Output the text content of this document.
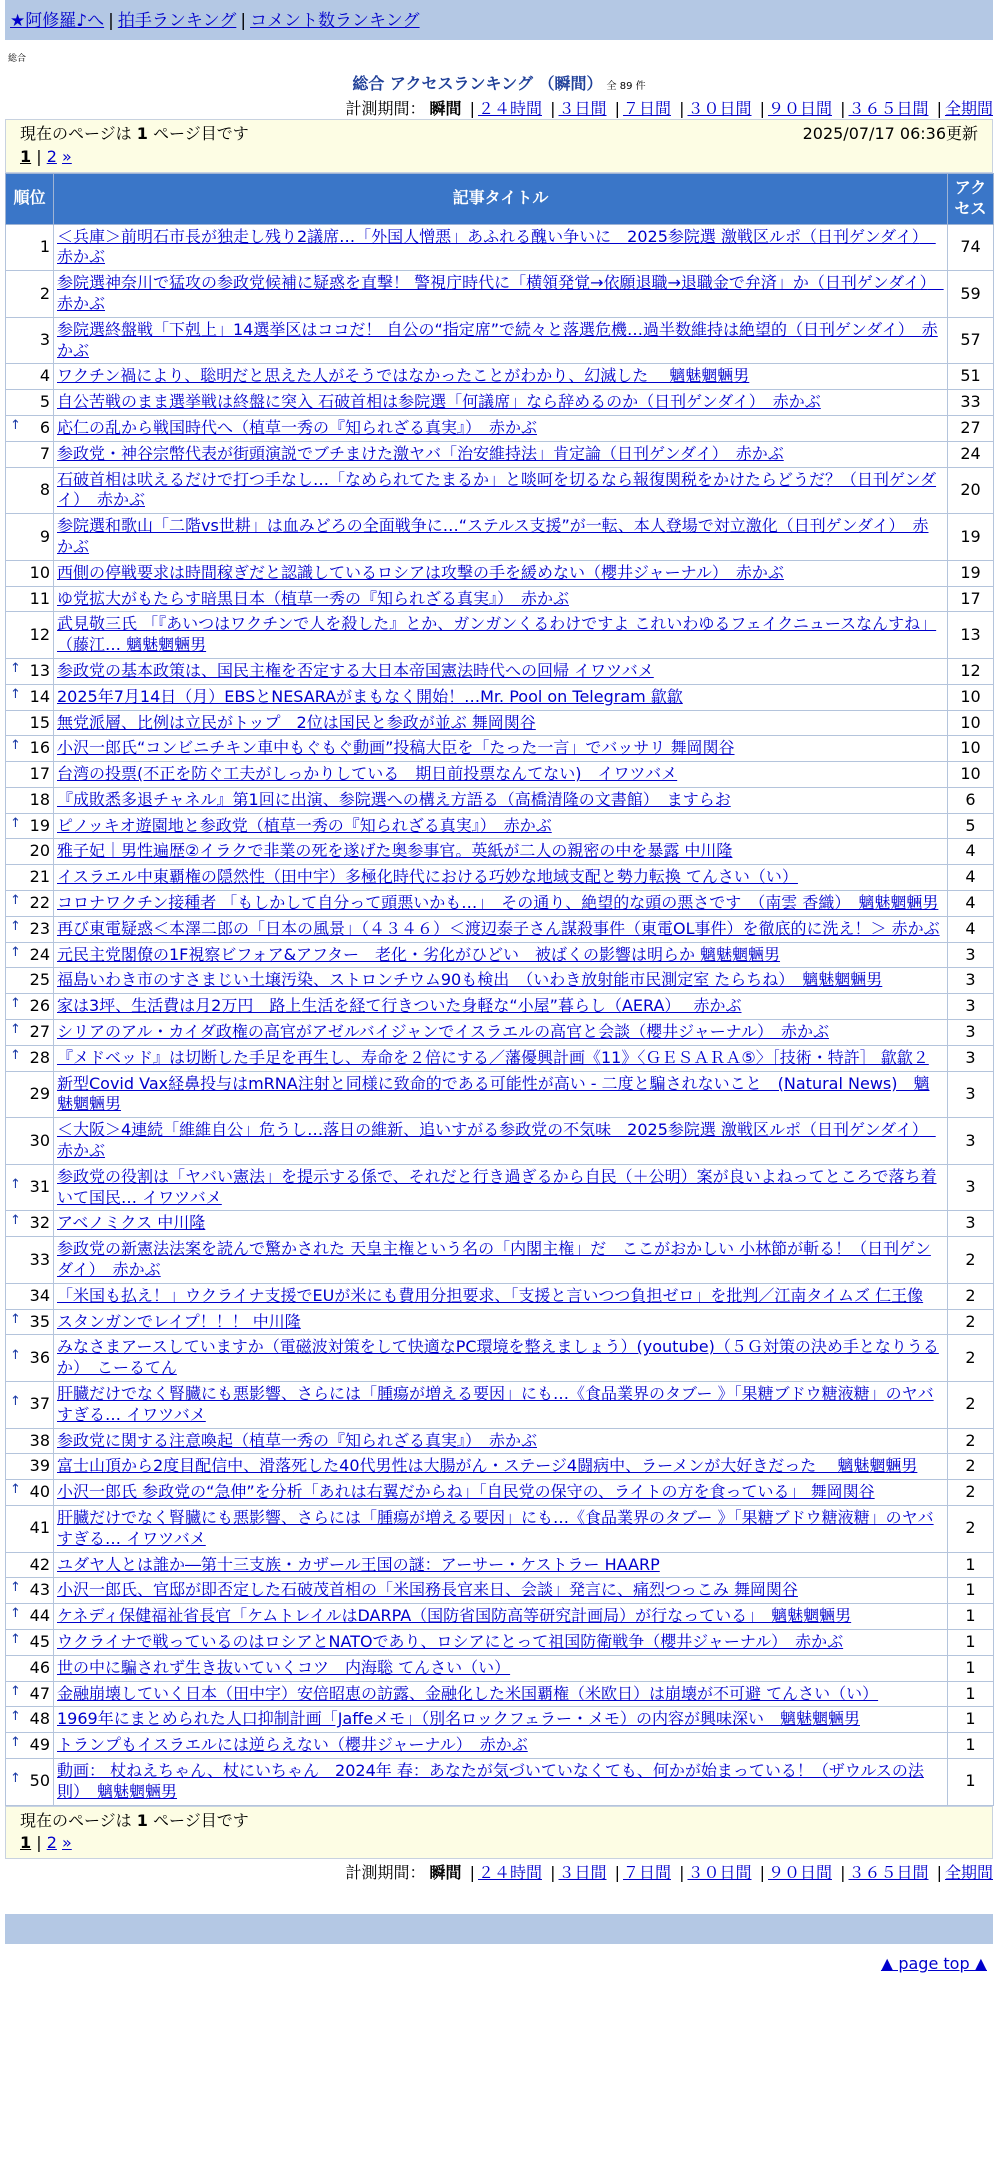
★阿修羅♪へ | 拍手ランキング | コメント数ランキング
総合
総合 アクセスランキング （瞬間） 全 89 件
計測期間： 瞬間 | ２４時間 | ３日間 | ７日間 | ３０日間 | ９０日間 | ３６５日間 | 全期間
現在のページは 1 ページ目です	2025/07/17 06:36更新
1 | 2 »
順位	記事タイトル	アクセス
1	＜兵庫＞前明石市長が独走し残り2議席…「外国人憎悪」あふれる醜い争いに　2025参院選 激戦区ルポ（日刊ゲンダイ）　赤かぶ	74
2	参院選神奈川で猛攻の参政党候補に疑惑を直撃！ 警視庁時代に「横領発覚→依願退職→退職金で弁済」か（日刊ゲンダイ）　赤かぶ	59
3	参院選終盤戦「下剋上」14選挙区はココだ！ 自公の“指定席”で続々と落選危機…過半数維持は絶望的（日刊ゲンダイ）　赤かぶ	57
4	ワクチン禍により、聡明だと思えた人がそうではなかったことがわかり、幻滅した　 魑魅魍魎男	51
5	自公苦戦のまま選挙戦は終盤に突入 石破首相は参院選「何議席」なら辞めるのか（日刊ゲンダイ）　赤かぶ	33

↑ 6	応仁の乱から戦国時代へ（植草一秀の『知られざる真実』）　赤かぶ	27
7	参政党・神谷宗幣代表が街頭演説でブチまけた激ヤバ「治安維持法」肯定論（日刊ゲンダイ）　赤かぶ	24
8	石破首相は吠えるだけで打つ手なし…「なめられてたまるか」と啖呵を切るなら報復関税をかけたらどうだ？（日刊ゲンダイ）　赤かぶ	20
9	参院選和歌山「二階vs世耕」は血みどろの全面戦争に…“ステルス支援”が一転、本人登場で対立激化（日刊ゲンダイ）　赤かぶ	19
10	西側の停戦要求は時間稼ぎだと認識しているロシアは攻撃の手を緩めない（櫻井ジャーナル）　赤かぶ	19
11	ゆ党拡大がもたらす暗黒日本（植草一秀の『知られざる真実』）　赤かぶ	17
12	武見敬三氏 「『あいつはワクチンで人を殺した』とか、ガンガンくるわけですよ これいわゆるフェイクニュースなんすね」 （藤江… 魑魅魍魎男	13

↑ 13	参政党の基本政策は、国民主権を否定する大日本帝国憲法時代への回帰 イワツバメ	12

↑ 14	2025年7月14日（月）EBSとNESARAがまもなく開始！…Mr. Pool on Telegram 歙歙	10
15	無党派層、比例は立民がトップ　2位は国民と参政が並ぶ 舞岡関谷	10

↑ 16	小沢一郎氏“コンビニチキン車中もぐもぐ動画”投稿大臣を「たった一言」でバッサリ 舞岡関谷	10
17	台湾の投票(不正を防ぐ工夫がしっかりしている　期日前投票なんてない)　イワツバメ	10
18	『成敗悉多退チャネル』第1回に出演、参院選への構え方語る（高橋清隆の文書館）　ますらお	6

↑ 19	ピノッキオ遊園地と参政党（植草一秀の『知られざる真実』）　赤かぶ	5
20	雅子妃｜男性遍歴②イラクで非業の死を遂げた奥参事官。英紙が二人の親密の中を暴露 中川隆	4
21	イスラエル中東覇権の隠然性（田中宇）多極化時代における巧妙な地域支配と勢力転換 てんさい（い）	4

↑ 22	コロナワクチン接種者 「もしかして自分って頭悪いかも…」　その通り、絶望的な頭の悪さです　（南雲 香織）　魑魅魍魎男	4

↑ 23	再び東電疑惑＜本澤二郎の「日本の風景」（４３４６）＜渡辺泰子さん謀殺事件（東電OL事件）を徹底的に洗え！＞ 赤かぶ	4

↑ 24	元民主党閣僚の1F視察ビフォア&アフター　老化・劣化がひどい　被ばくの影響は明らか 魑魅魍魎男	3
25	福島いわき市のすさまじい土壌汚染、ストロンチウム90も検出　（いわき放射能市民測定室 たらちね）　魑魅魍魎男	3

↑ 26	家は3坪、生活費は月2万円　路上生活を経て行きついた身軽な“小屋”暮らし（AERA）　 赤かぶ	3

↑ 27	シリアのアル・カイダ政権の高官がアゼルバイジャンでイスラエルの高官と会談（櫻井ジャーナル）　赤かぶ	3

↑ 28	『メドベッド』は切断した手足を再生し、寿命を２倍にする／藩優興計画《11》〈ＧＥＳＡＲＡ⑤〉［技術・特許］ 歙歙２	3
29	新型Covid Vax経鼻投与はmRNA注射と同様に致命的である可能性が高い - 二度と騙されないこと　(Natural News)　魑魅魍魎男	3
30	＜大阪＞4連続「維維自公」危うし…落日の維新、追いすがる参政党の不気味　2025参院選 激戦区ルポ（日刊ゲンダイ）　赤かぶ	3

↑ 31	参政党の役割は「ヤバい憲法」を提示する係で、それだと行き過ぎるから自民（＋公明）案が良いよねってところで落ち着いて国民… イワツバメ	3

↑ 32	アベノミクス 中川隆	3
33	参政党の新憲法法案を読んで驚かされた 天皇主権という名の「内閣主権」だ　ここがおかしい 小林節が斬る！（日刊ゲンダイ）　赤かぶ	2
34	「米国も払え！」ウクライナ支援でEUが米にも費用分担要求、「支援と言いつつ負担ゼロ」を批判／江南タイムズ 仁王像	2

↑ 35	スタンガンでレイプ！！！ 中川隆	2

↑ 36	みなさまアースしていますか（電磁波対策をして快適なPC環境を整えましょう）(youtube)（５Ｇ対策の決め手となりうるか）　こーるてん	2

↑ 37	肝臓だけでなく腎臓にも悪影響、さらには「腫瘍が増える要因」にも…《食品業界のタブー 》「果糖ブドウ糖液糖」のヤバすぎる… イワツバメ	2
38	参政党に関する注意喚起（植草一秀の『知られざる真実』）　赤かぶ	2
39	富士山頂から2度目配信中、滑落死した40代男性は大腸がん・ステージ4闘病中、ラーメンが大好きだった　 魑魅魍魎男	2

↑ 40	小沢一郎氏 参政党の“急伸”を分析「あれは右翼だからね」「自民党の保守の、ライトの方を食っている」 舞岡関谷	2
41	肝臓だけでなく腎臓にも悪影響、さらには「腫瘍が増える要因」にも…《食品業界のタブー 》「果糖ブドウ糖液糖」のヤバすぎる… イワツバメ	2
42	ユダヤ人とは誰か―第十三支族・カザール王国の謎：アーサー・ケストラー HAARP	1

↑ 43	小沢一郎氏、官邸が即否定した石破茂首相の「米国務長官来日、会談」発言に、痛烈つっこみ 舞岡関谷	1

↑ 44	ケネディ保健福祉省長官「ケムトレイルはDARPA（国防省国防高等研究計画局）が行なっている」　魑魅魍魎男	1

↑ 45	ウクライナで戦っているのはロシアとNATOであり、ロシアにとって祖国防衛戦争（櫻井ジャーナル）　赤かぶ	1
46	世の中に騙されず生き抜いていくコツ　内海聡 てんさい（い）	1

↑ 47	金融崩壊していく日本（田中宇）安倍昭恵の訪露、金融化した米国覇権（米欧日）は崩壊が不可避 てんさい（い）	1

↑ 48	1969年にまとめられた人口抑制計画「Jaffeメモ」（別名ロックフェラー・メモ）の内容が興味深い　魑魅魍魎男	1

↑ 49	トランプもイスラエルには逆らえない（櫻井ジャーナル）　赤かぶ	1

↑ 50	動画： 杖ねえちゃん、杖にいちゃん　2024年 春：あなたが気づいていなくても、何かが始まっている！（ザウルスの法則）　魑魅魍魎男	1
現在のページは 1 ページ目です
1 | 2 »
計測期間： 瞬間 | ２４時間 | ３日間 | ７日間 | ３０日間 | ９０日間 | ３６５日間 | 全期間
▲ page top ▲
